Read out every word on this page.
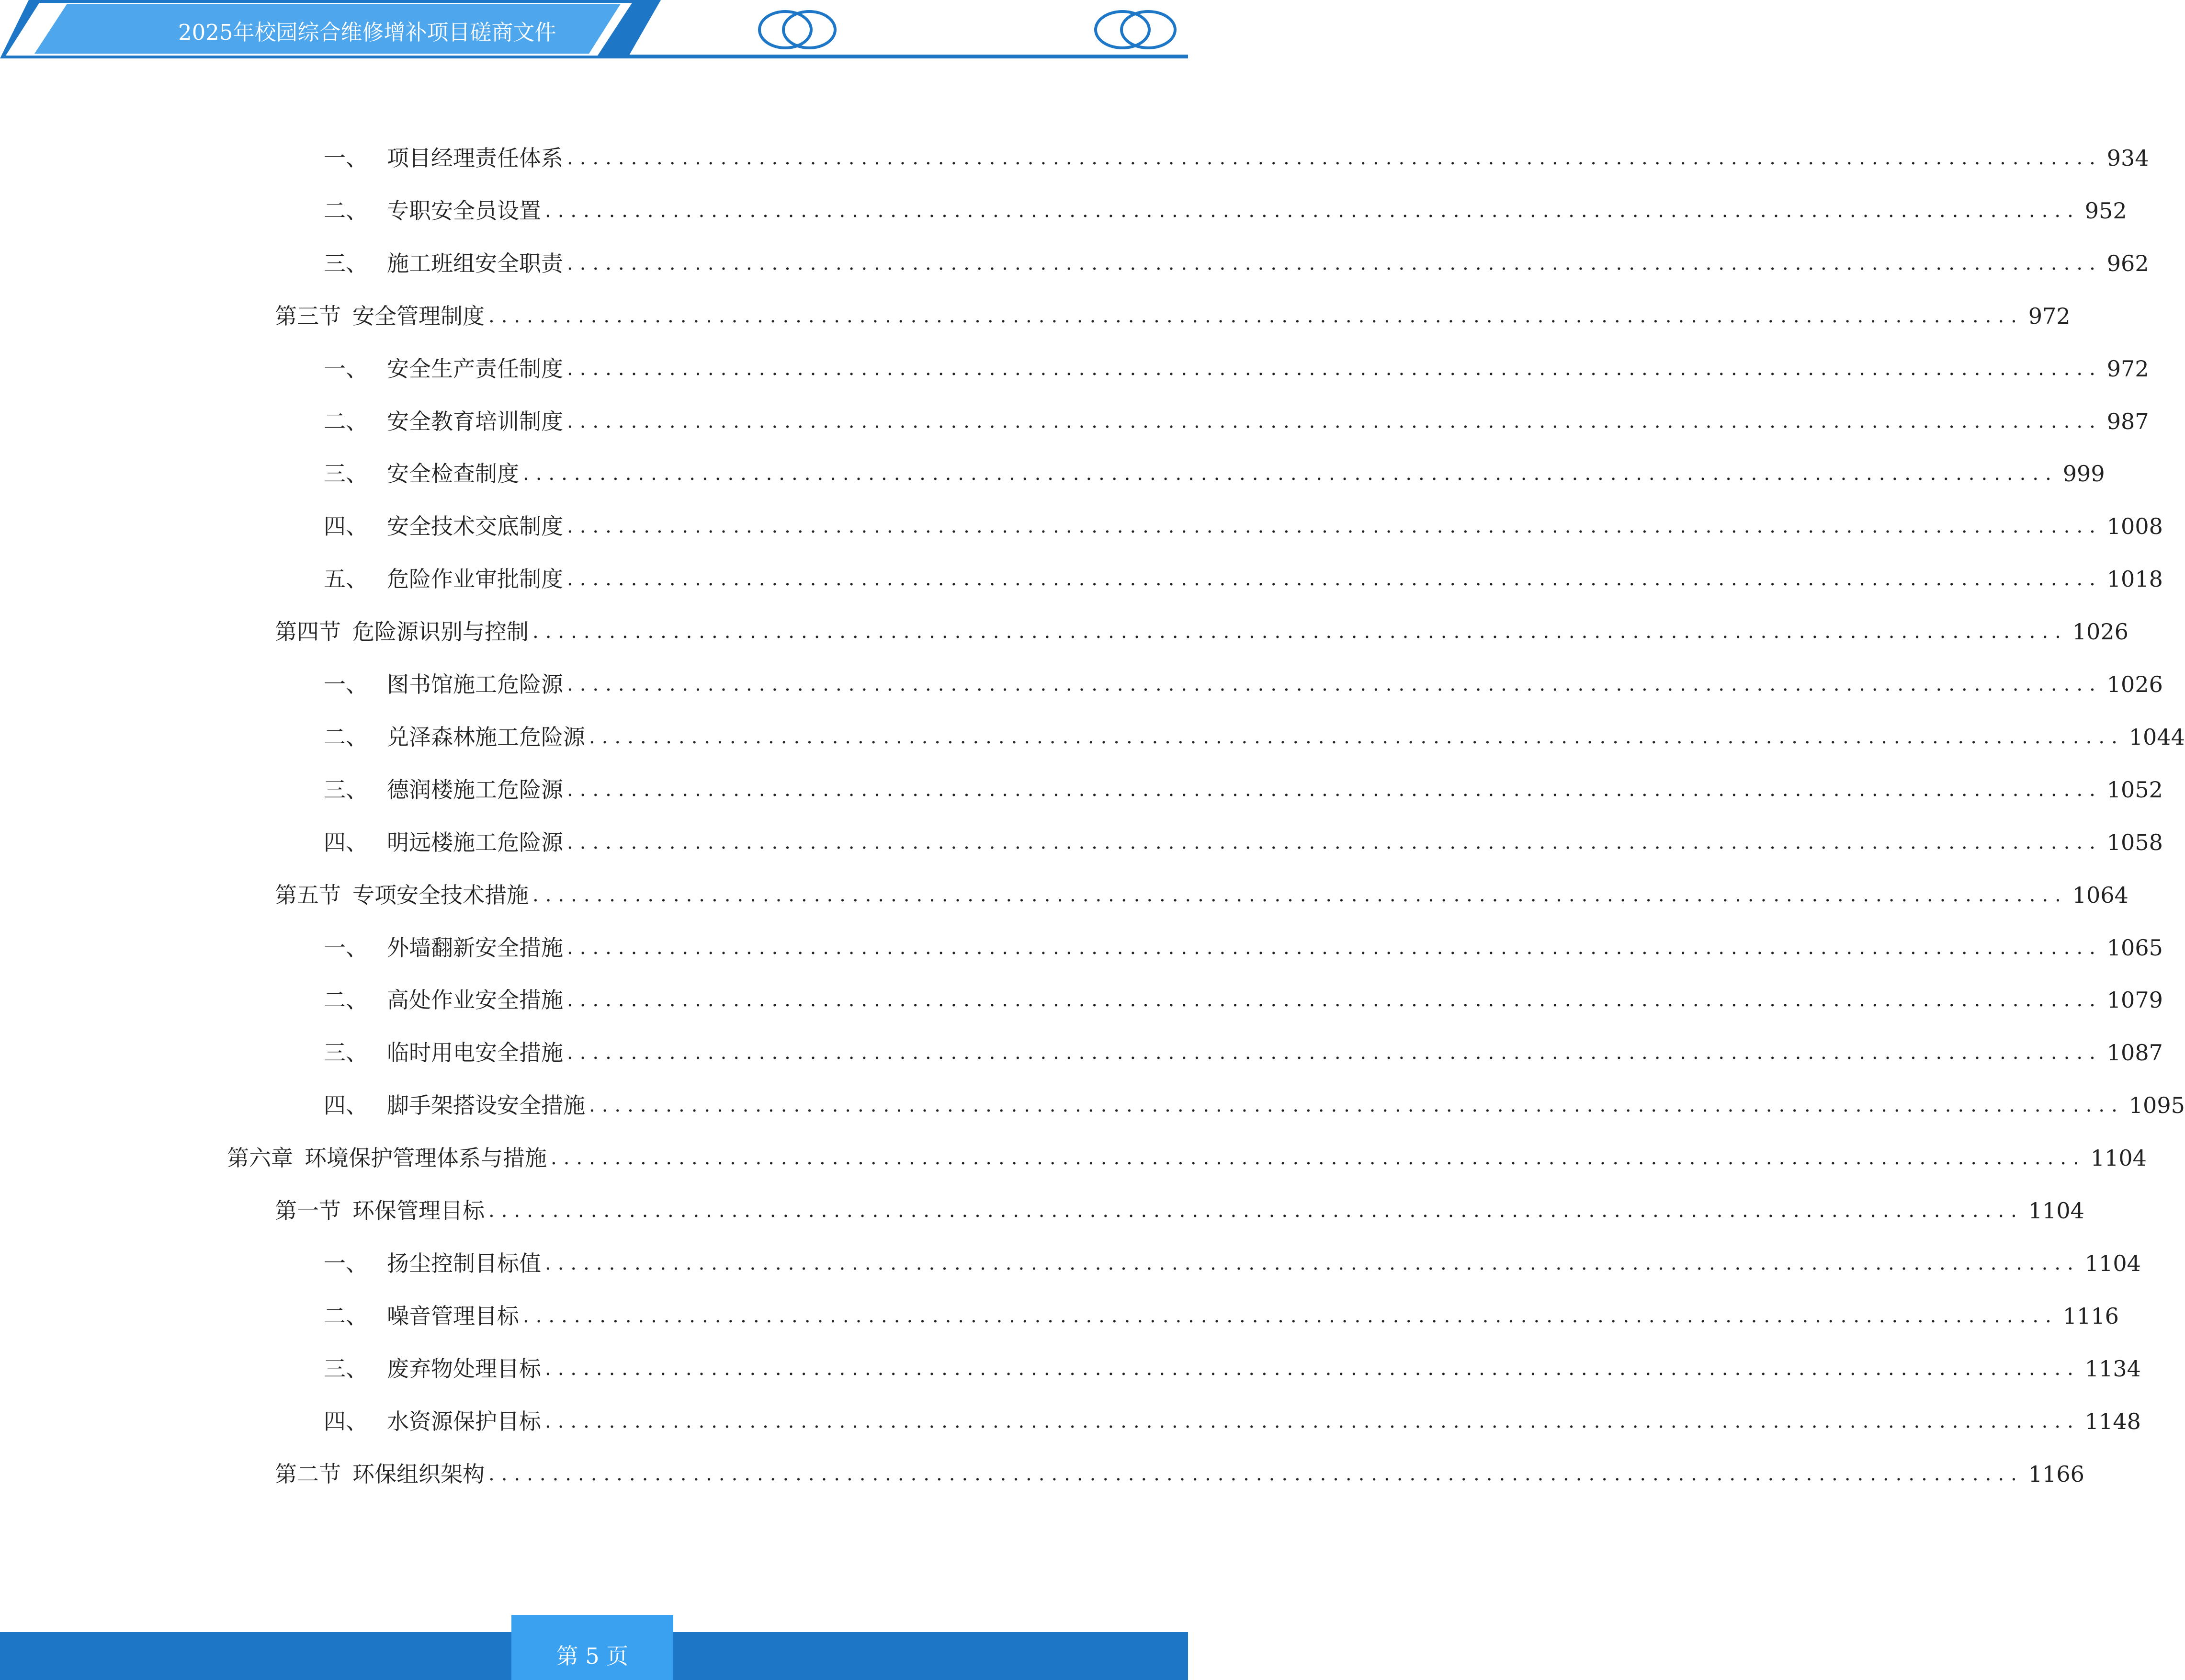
2025年校园综合维修增补项目磋商文件
一、 项目经理责任体系 ........................................................................................................................ 934
二、 专职安全员设置 ........................................................................................................................ 952
三、 施工班组安全职责 ........................................................................................................................ 962
第三节 安全管理制度 ........................................................................................................................ 972
一、 安全生产责任制度 ........................................................................................................................ 972
二、 安全教育培训制度 ........................................................................................................................ 987
三、 安全检查制度 ........................................................................................................................ 999
四、 安全技术交底制度 ........................................................................................................................ 1008
五、 危险作业审批制度 ........................................................................................................................ 1018
第四节 危险源识别与控制 ........................................................................................................................ 1026
一、 图书馆施工危险源 ........................................................................................................................ 1026
二、 兑泽森林施工危险源 ........................................................................................................................ 1044
三、 德润楼施工危险源 ........................................................................................................................ 1052
四、 明远楼施工危险源 ........................................................................................................................ 1058
第五节 专项安全技术措施 ........................................................................................................................ 1064
一、 外墙翻新安全措施 ........................................................................................................................ 1065
二、 高处作业安全措施 ........................................................................................................................ 1079
三、 临时用电安全措施 ........................................................................................................................ 1087
四、 脚手架搭设安全措施 ........................................................................................................................ 1095
第六章 环境保护管理体系与措施 ........................................................................................................................ 1104
第一节 环保管理目标 ........................................................................................................................ 1104
一、 扬尘控制目标值 ........................................................................................................................ 1104
二、 噪音管理目标 ........................................................................................................................ 1116
三、 废弃物处理目标 ........................................................................................................................ 1134
四、 水资源保护目标 ........................................................................................................................ 1148
第二节 环保组织架构 ........................................................................................................................ 1166
第 5 页
